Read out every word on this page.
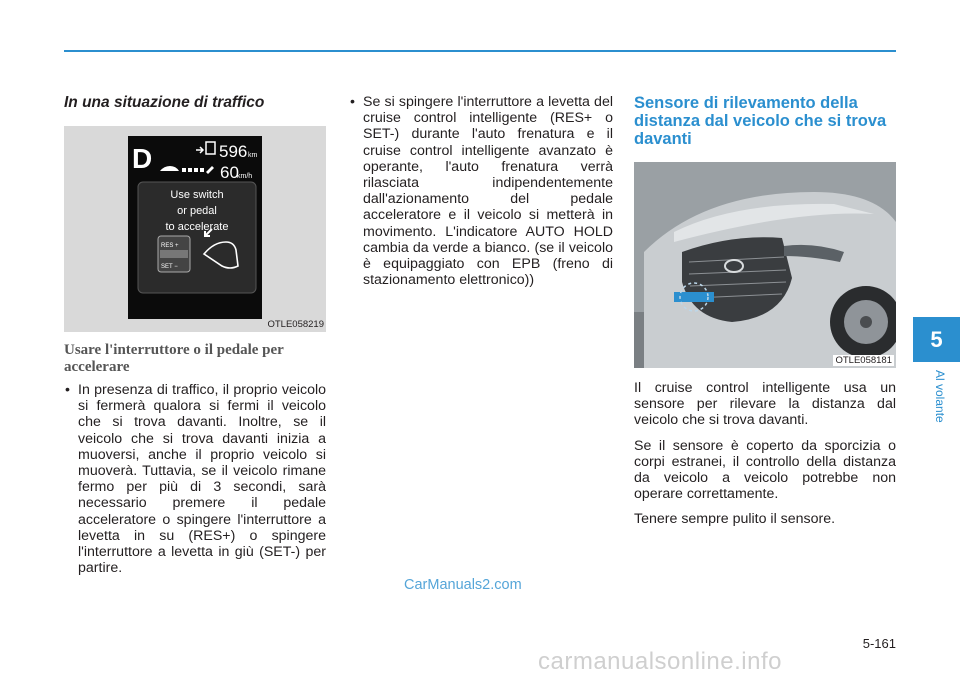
In una situazione di traffico

D	596 km
60
km/h
Use switch
or pedal
to accelerate
RES +
SET −
OTLE058219

Usare l'interruttore o il pedale per accelerare

• In presenza di traffico, il proprio veicolo si fermerà qualora si fermi il veicolo che si trova davanti. Inoltre, se il veicolo che si trova davanti inizia a muoversi, anche il proprio veicolo si muoverà. Tuttavia, se il veicolo rimane fermo per più di 3 secondi, sarà necessario premere il pedale acceleratore o spingere l'interruttore a levetta in su (RES+) o spingere l'interruttore a levetta in giù (SET-) per partire.

• Se si spingere l'interruttore a levetta del cruise control intelligente (RES+ o SET-) durante l'auto frenatura e il cruise control intelligente avanzato è operante, l'auto frenatura verrà rilasciata indipendentemente dall'azionamento del pedale acceleratore e il veicolo si metterà in movimento. L'indicatore AUTO HOLD cambia da verde a bianco. (se il veicolo è equipaggiato con EPB (freno di stazionamento elettronico))

Sensore di rilevamento della distanza dal veicolo che si trova davanti

OTLE058181

Il cruise control intelligente usa un sensore per rilevare la distanza dal veicolo che si trova davanti.

Se il sensore è coperto da sporcizia o corpi estranei, il controllo della distanza da veicolo a veicolo potrebbe non operare correttamente.

Tenere sempre pulito il sensore.

5
Al volante
CarManuals2.com
5-161
carmanualsonline.info
